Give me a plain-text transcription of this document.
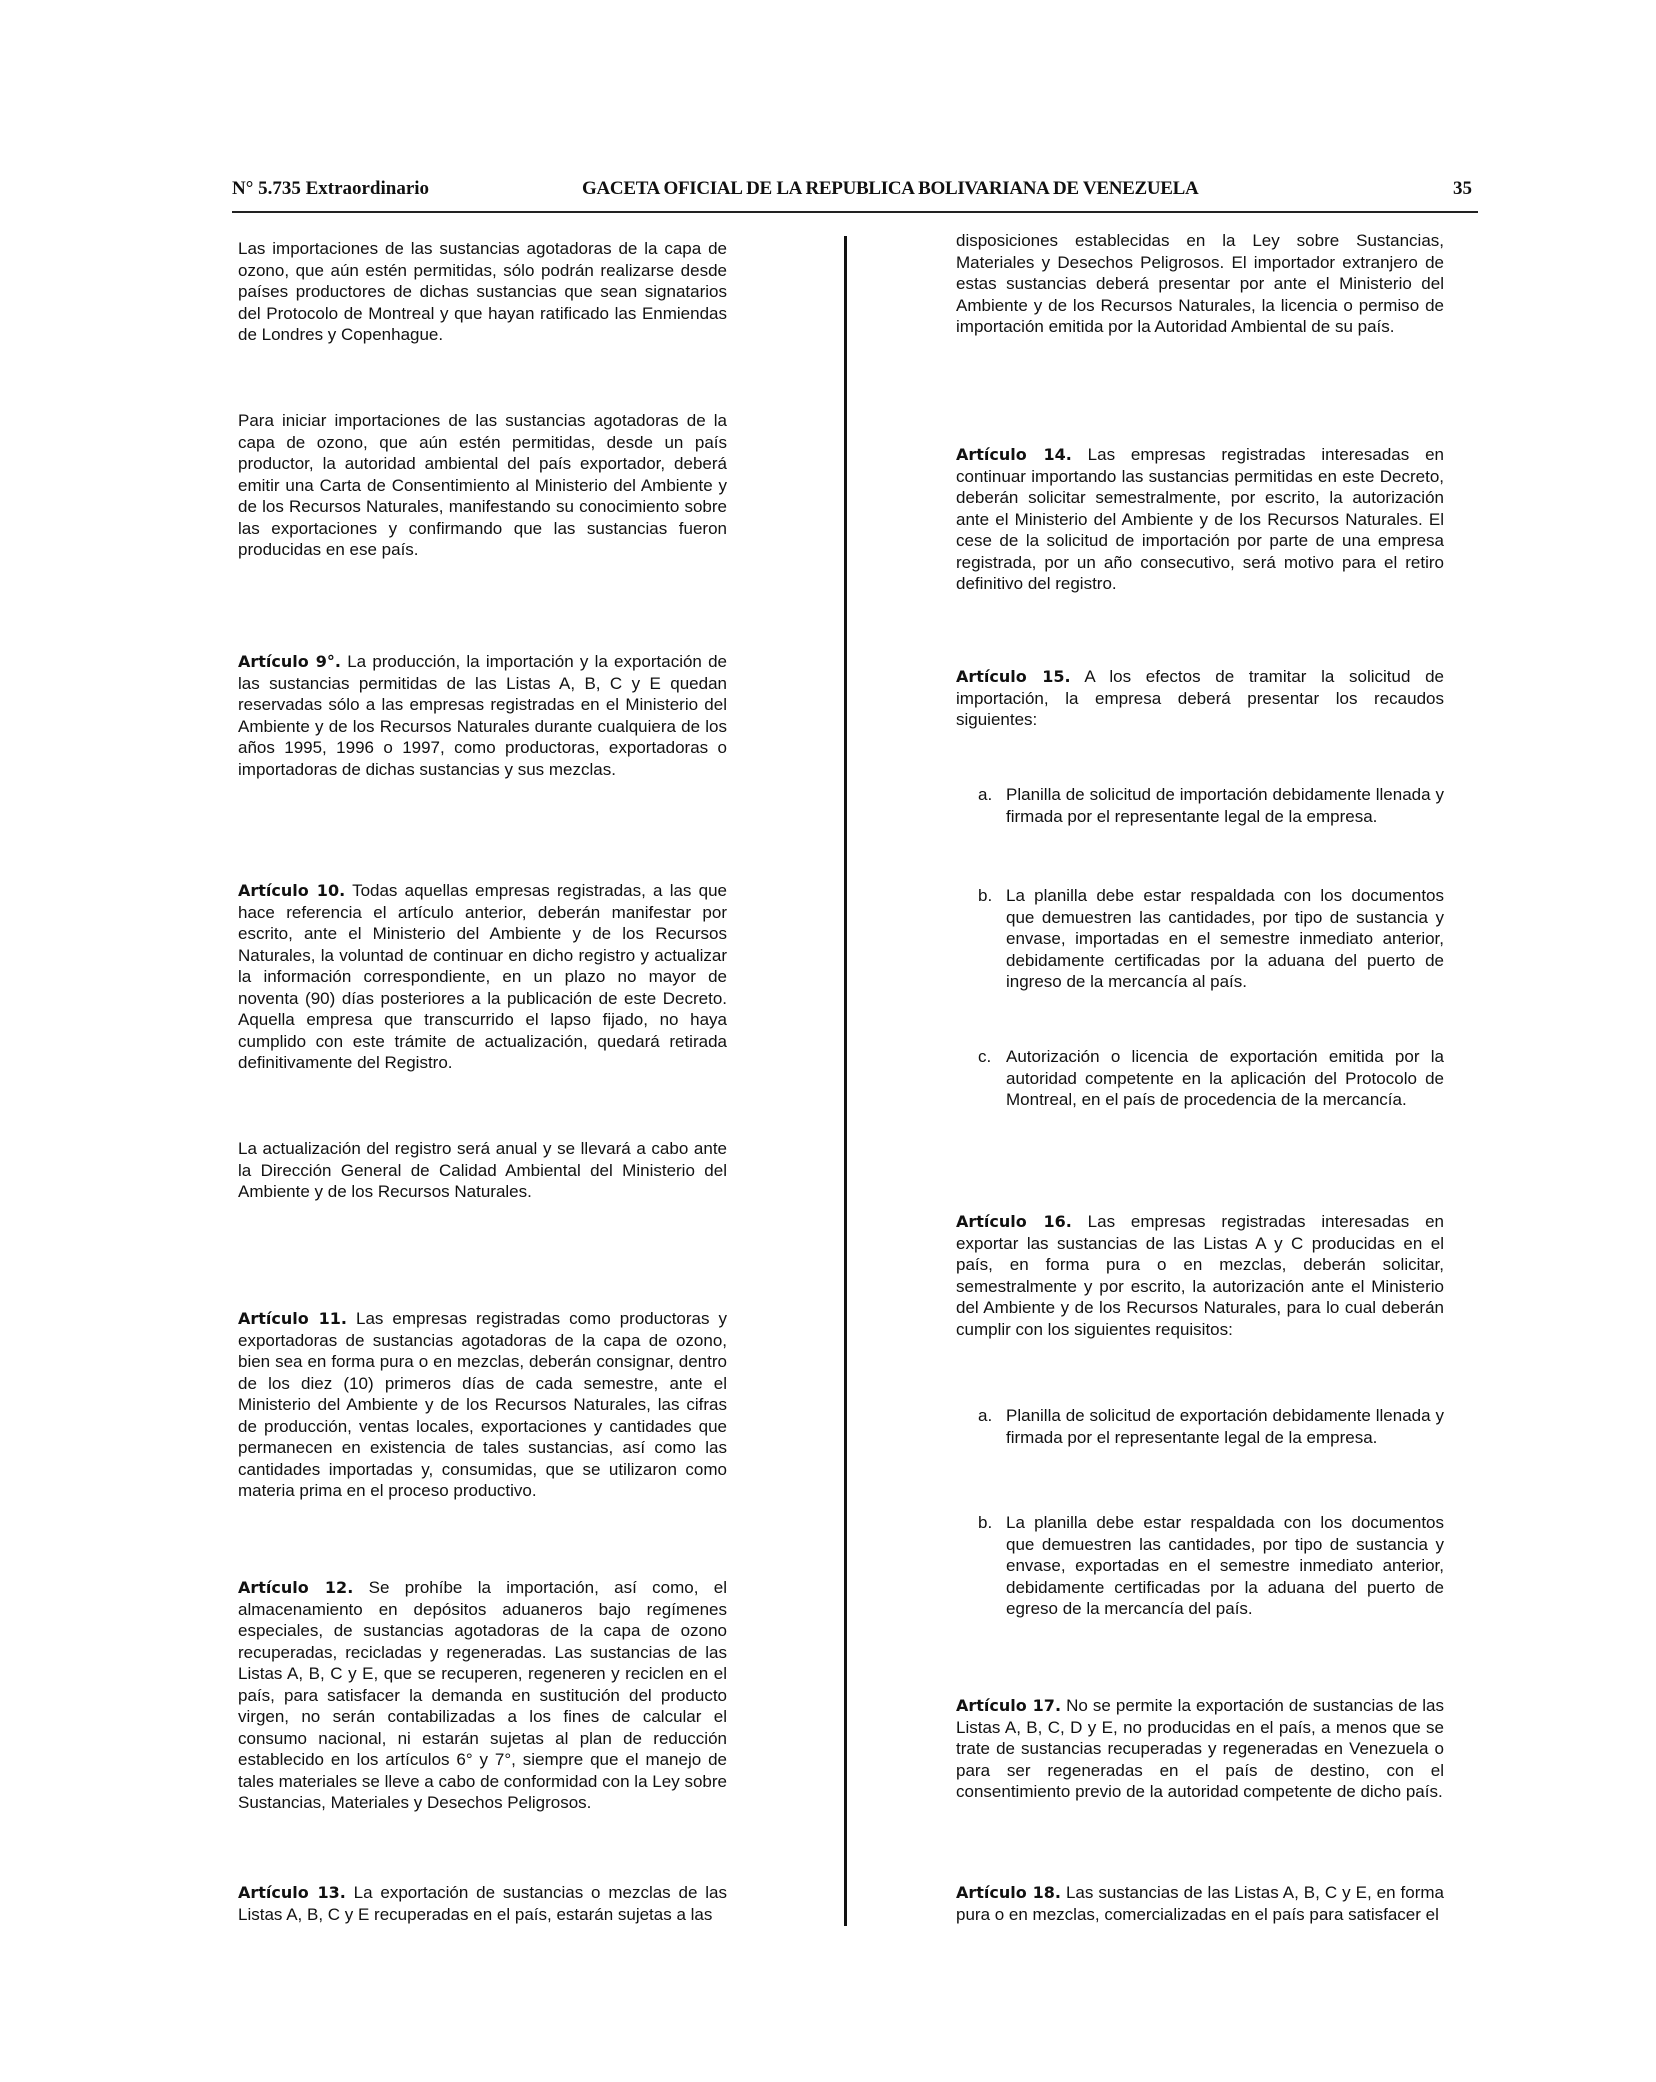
N° 5.735 Extraordinario	GACETA OFICIAL DE LA REPUBLICA BOLIVARIANA DE VENEZUELA	35

Las importaciones de las sustancias agotadoras de la capa de ozono, que aún estén permitidas, sólo podrán realizarse desde países productores de dichas sustancias que sean signatarios del Protocolo de Montreal y que hayan ratificado las Enmiendas de Londres y Copenhague.

Para iniciar importaciones de las sustancias agotadoras de la capa de ozono, que aún estén permitidas, desde un país productor, la autoridad ambiental del país exportador, deberá emitir una Carta de Consentimiento al Ministerio del Ambiente y de los Recursos Naturales, manifestando su conocimiento sobre las exportaciones y confirmando que las sustancias fueron producidas en ese país.

Artículo 9°. La producción, la importación y la exportación de las sustancias permitidas de las Listas A, B, C y E quedan reservadas sólo a las empresas registradas en el Ministerio del Ambiente y de los Recursos Naturales durante cualquiera de los años 1995, 1996 o 1997, como productoras, exportadoras o importadoras de dichas sustancias y sus mezclas.

Artículo 10. Todas aquellas empresas registradas, a las que hace referencia el artículo anterior, deberán manifestar por escrito, ante el Ministerio del Ambiente y de los Recursos Naturales, la voluntad de continuar en dicho registro y actualizar la información correspondiente, en un plazo no mayor de noventa (90) días posteriores a la publicación de este Decreto. Aquella empresa que transcurrido el lapso fijado, no haya cumplido con este trámite de actualización, quedará retirada definitivamente del Registro.

La actualización del registro será anual y se llevará a cabo ante la Dirección General de Calidad Ambiental del Ministerio del Ambiente y de los Recursos Naturales.

Artículo 11. Las empresas registradas como productoras y exportadoras de sustancias agotadoras de la capa de ozono, bien sea en forma pura o en mezclas, deberán consignar, dentro de los diez (10) primeros días de cada semestre, ante el Ministerio del Ambiente y de los Recursos Naturales, las cifras de producción, ventas locales, exportaciones y cantidades que permanecen en existencia de tales sustancias, así como las cantidades importadas y, consumidas, que se utilizaron como materia prima en el proceso productivo.

Artículo 12. Se prohíbe la importación, así como, el almacenamiento en depósitos aduaneros bajo regímenes especiales, de sustancias agotadoras de la capa de ozono recuperadas, recicladas y regeneradas. Las sustancias de las Listas A, B, C y E, que se recuperen, regeneren y reciclen en el país, para satisfacer la demanda en sustitución del producto virgen, no serán contabilizadas a los fines de calcular el consumo nacional, ni estarán sujetas al plan de reducción establecido en los artículos 6° y 7°, siempre que el manejo de tales materiales se lleve a cabo de conformidad con la Ley sobre Sustancias, Materiales y Desechos Peligrosos.

Artículo 13. La exportación de sustancias o mezclas de las Listas A, B, C y E recuperadas en el país, estarán sujetas a las

disposiciones establecidas en la Ley sobre Sustancias, Materiales y Desechos Peligrosos. El importador extranjero de estas sustancias deberá presentar por ante el Ministerio del Ambiente y de los Recursos Naturales, la licencia o permiso de importación emitida por la Autoridad Ambiental de su país.

Artículo 14. Las empresas registradas interesadas en continuar importando las sustancias permitidas en este Decreto, deberán solicitar semestralmente, por escrito, la autorización ante el Ministerio del Ambiente y de los Recursos Naturales. El cese de la solicitud de importación por parte de una empresa registrada, por un año consecutivo, será motivo para el retiro definitivo del registro.

Artículo 15. A los efectos de tramitar la solicitud de importación, la empresa deberá presentar los recaudos siguientes:

a. Planilla de solicitud de importación debidamente llenada y firmada por el representante legal de la empresa.
b. La planilla debe estar respaldada con los documentos que demuestren las cantidades, por tipo de sustancia y envase, importadas en el semestre inmediato anterior, debidamente certificadas por la aduana del puerto de ingreso de la mercancía al país.
c. Autorización o licencia de exportación emitida por la autoridad competente en la aplicación del Protocolo de Montreal, en el país de procedencia de la mercancía.

Artículo 16. Las empresas registradas interesadas en exportar las sustancias de las Listas A y C producidas en el país, en forma pura o en mezclas, deberán solicitar, semestralmente y por escrito, la autorización ante el Ministerio del Ambiente y de los Recursos Naturales, para lo cual deberán cumplir con los siguientes requisitos:

a. Planilla de solicitud de exportación debidamente llenada y firmada por el representante legal de la empresa.
b. La planilla debe estar respaldada con los documentos que demuestren las cantidades, por tipo de sustancia y envase, exportadas en el semestre inmediato anterior, debidamente certificadas por la aduana del puerto de egreso de la mercancía del país.

Artículo 17. No se permite la exportación de sustancias de las Listas A, B, C, D y E, no producidas en el país, a menos que se trate de sustancias recuperadas y regeneradas en Venezuela o para ser regeneradas en el país de destino, con el consentimiento previo de la autoridad competente de dicho país.

Artículo 18. Las sustancias de las Listas A, B, C y E, en forma pura o en mezclas, comercializadas en el país para satisfacer el
